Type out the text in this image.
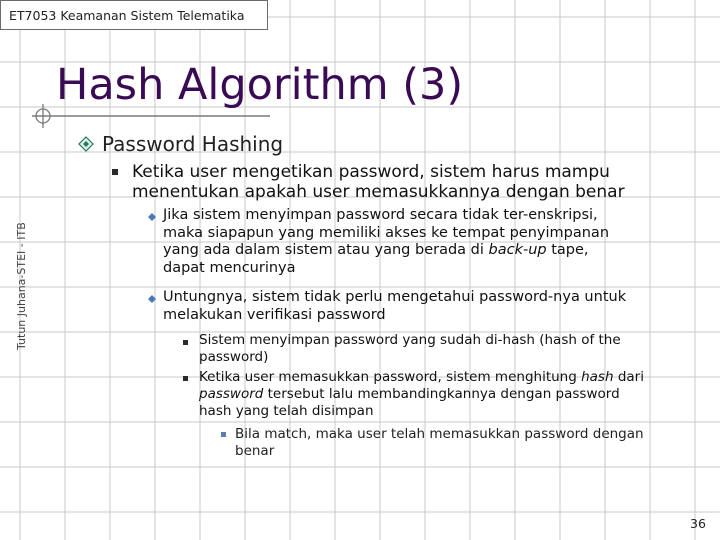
ET7053 Keamanan Sistem Telematika
Hash Algorithm (3)
Tutun Juhana-STEI - ITB
Password Hashing
Ketika user mengetikan password, sistem harus mampu
menentukan apakah user memasukkannya dengan benar
Jika sistem menyimpan password secara tidak ter-enskripsi,
maka siapapun yang memiliki akses ke tempat penyimpanan
yang ada dalam sistem atau yang berada di back-up tape,
dapat mencurinya
Untungnya, sistem tidak perlu mengetahui password-nya untuk
melakukan verifikasi password
Sistem menyimpan password yang sudah di-hash (hash of the
password)
Ketika user memasukkan password, sistem menghitung hash dari
password tersebut lalu membandingkannya dengan password
hash yang telah disimpan
Bila match, maka user telah memasukkan password dengan
benar
36
